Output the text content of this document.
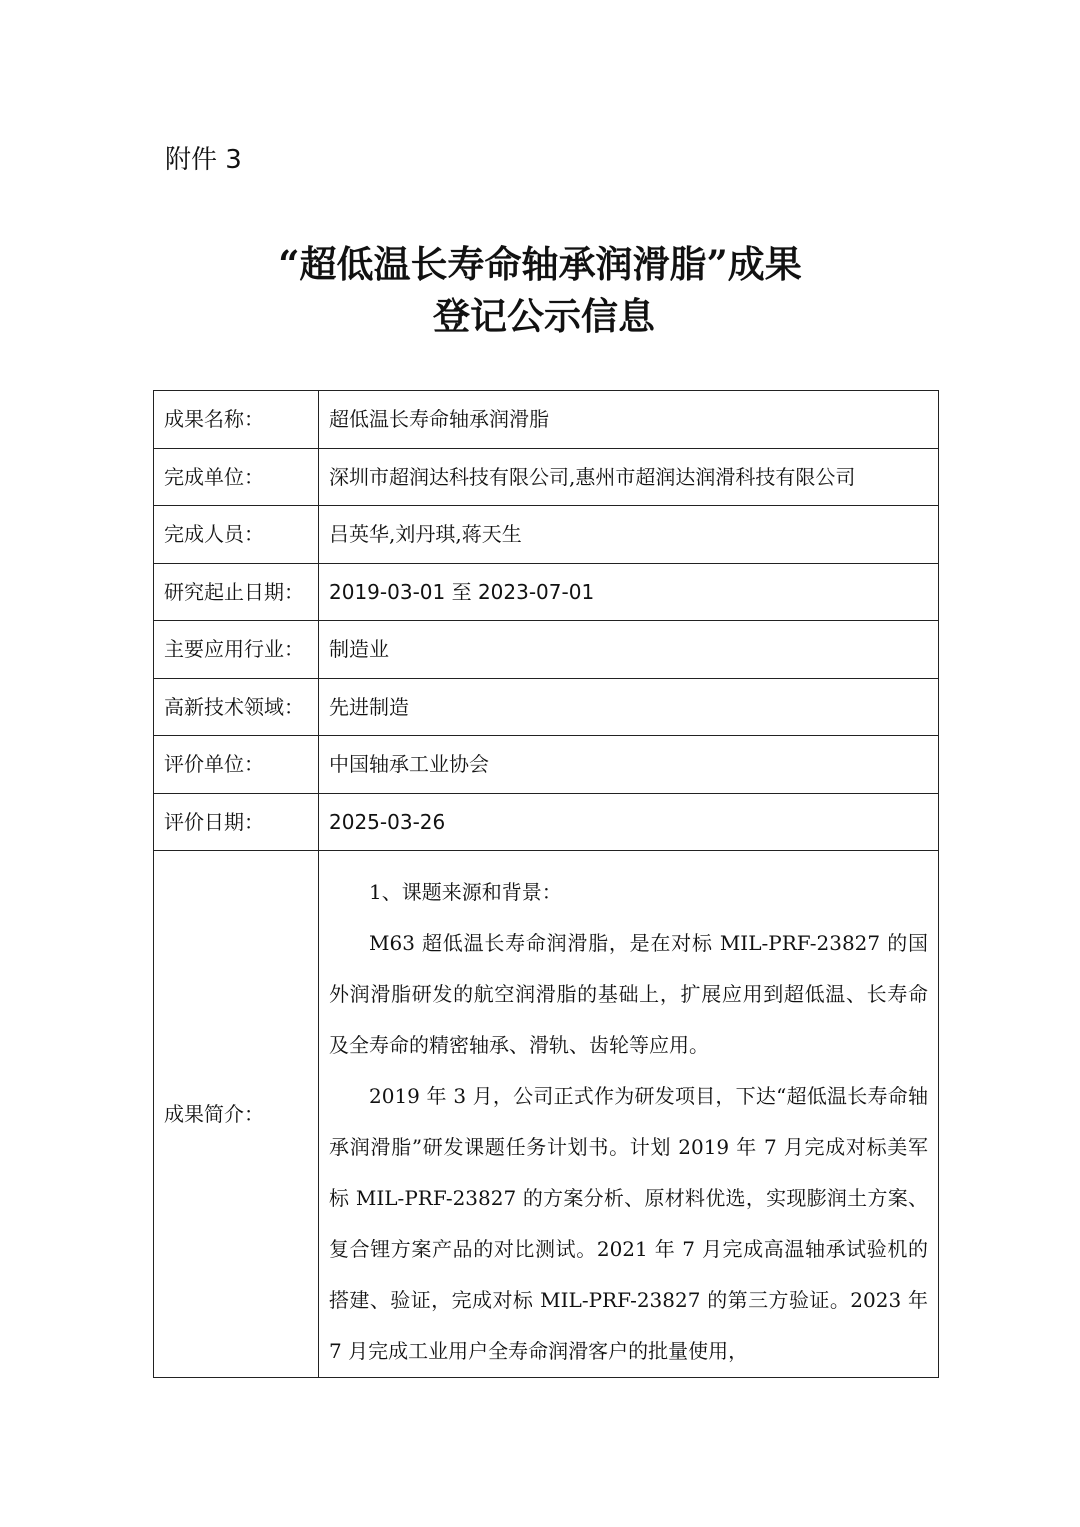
附件 3
“超低温长寿命轴承润滑脂”成果
登记公示信息
成果名称：	超低温长寿命轴承润滑脂
完成单位：	深圳市超润达科技有限公司,惠州市超润达润滑科技有限公司
完成人员：	吕英华,刘丹琪,蒋天生
研究起止日期：	2019-03-01 至 2023-07-01
主要应用行业：	制造业
高新技术领域：	先进制造
评价单位：	中国轴承工业协会
评价日期：	2025-03-26
成果简介：	1、课题来源和背景：

M63 超低温长寿命润滑脂，是在对标 MIL-PRF-23827 的国外润滑脂研发的航空润滑脂的基础上，扩展应用到超低温、长寿命及全寿命的精密轴承、滑轨、齿轮等应用。

2019 年 3 月，公司正式作为研发项目，下达“超低温长寿命轴承润滑脂”研发课题任务计划书。计划 2019 年 7 月完成对标美军标 MIL-PRF-23827 的方案分析、原材料优选，实现膨润土方案、复合锂方案产品的对比测试。2021 年 7 月完成高温轴承试验机的搭建、验证，完成对标 MIL-PRF-23827 的第三方验证。2023 年 7 月完成工业用户全寿命润滑客户的批量使用，
